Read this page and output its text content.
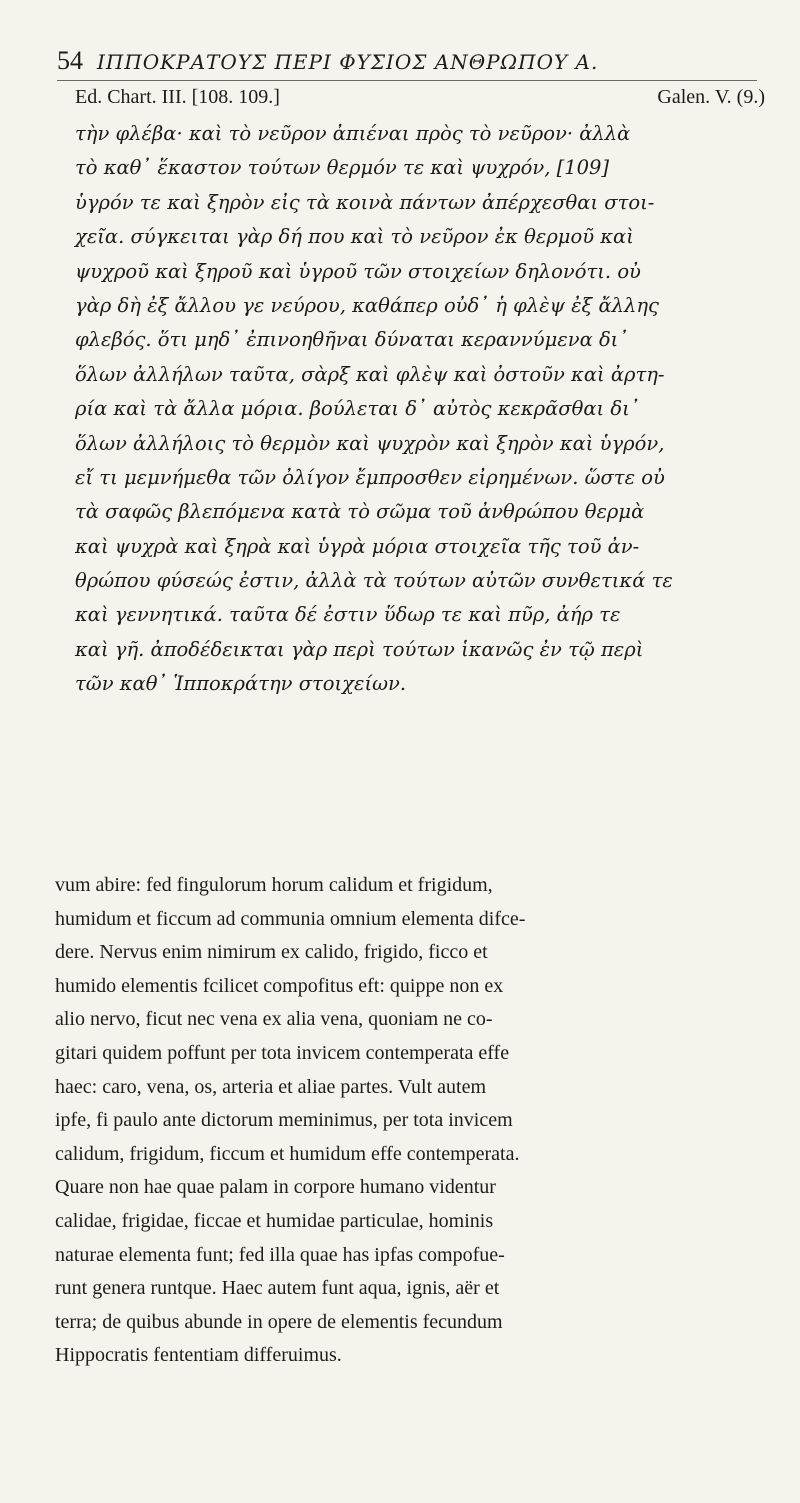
54 ΙΠΠΟΚΡΑΤΟΥΣ ΠΕΡΙ ΦΥΣΙΟΣ ΑΝΘΡΩΠΟΥ Α.
Ed. Chart. III. [108. 109.]	Galen. V. (9.)
τὴν φλέβα· καὶ τὸ νεῦρον ἀπιέναι πρὸς τὸ νεῦρον· ἀλλὰ
τὸ καθ᾽ ἕκαστον τούτων θερμόν τε καὶ ψυχρόν, [109]
ὑγρόν τε καὶ ξηρὸν εἰς τὰ κοινὰ πάντων ἀπέρχεσθαι στοι-
χεῖα. σύγκειται γὰρ δή που καὶ τὸ νεῦρον ἐκ θερμοῦ καὶ
ψυχροῦ καὶ ξηροῦ καὶ ὑγροῦ τῶν στοιχείων δηλονότι. οὐ
γὰρ δὴ ἐξ ἄλλου γε νεύρου, καθάπερ οὐδ᾽ ἡ φλὲψ ἐξ ἄλλης
φλεβός. ὅτι μηδ᾽ ἐπινοηθῆναι δύναται κεραννύμενα δι᾽
ὅλων ἀλλήλων ταῦτα, σὰρξ καὶ φλὲψ καὶ ὀστοῦν καὶ ἀρτη-
ρία καὶ τὰ ἄλλα μόρια. βούλεται δ᾽ αὐτὸς κεκρᾶσθαι δι᾽
ὅλων ἀλλήλοις τὸ θερμὸν καὶ ψυχρὸν καὶ ξηρὸν καὶ ὑγρόν,
εἴ τι μεμνήμεθα τῶν ὀλίγον ἔμπροσθεν εἰρημένων. ὥστε οὐ
τὰ σαφῶς βλεπόμενα κατὰ τὸ σῶμα τοῦ ἀνθρώπου θερμὰ
καὶ ψυχρὰ καὶ ξηρὰ καὶ ὑγρὰ μόρια στοιχεῖα τῆς τοῦ ἀν-
θρώπου φύσεώς ἐστιν, ἀλλὰ τὰ τούτων αὐτῶν συνθετικά τε
καὶ γεννητικά. ταῦτα δέ ἐστιν ὕδωρ τε καὶ πῦρ, ἀήρ τε
καὶ γῆ. ἀποδέδεικται γὰρ περὶ τούτων ἱκανῶς ἐν τῷ περὶ
τῶν καθ᾽ Ἱπποκράτην στοιχείων.
vum abire: fed fingulorum horum calidum et frigidum,
humidum et ficcum ad communia omnium elementa difce-
dere. Nervus enim nimirum ex calido, frigido, ficco et
humido elementis fcilicet compofitus eft: quippe non ex
alio nervo, ficut nec vena ex alia vena, quoniam ne co-
gitari quidem poffunt per tota invicem contemperata effe
haec: caro, vena, os, arteria et aliae partes. Vult autem
ipfe, fi paulo ante dictorum meminimus, per tota invicem
calidum, frigidum, ficcum et humidum effe contemperata.
Quare non hae quae palam in corpore humano videntur
calidae, frigidae, ficcae et humidae particulae, hominis
naturae elementa funt; fed illa quae has ipfas compofue-
runt genera runtque. Haec autem funt aqua, ignis, aër et
terra; de quibus abunde in opere de elementis fecundum
Hippocratis fententiam differuimus.
